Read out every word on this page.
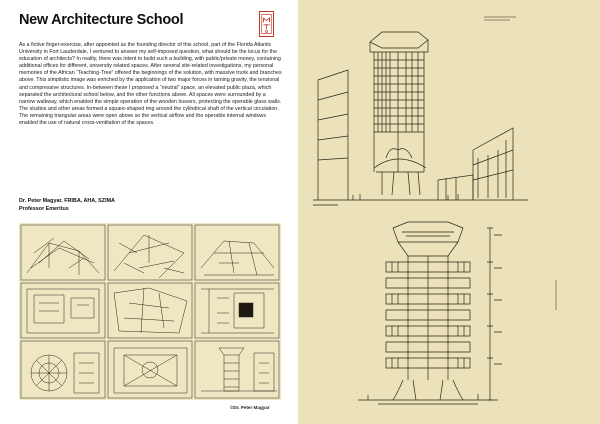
New Architecture School
As a fictive finger-exercise, after appointed as the founding director of this school, part of the Florida Atlantic University in Fort Lauderdale, I ventured to answer my self-imposed question, what should be the locus for the education of architects? In reality, there was intent to build such a building, with public/private money, containing additional offices for different, university related spaces. After several site-related investigations, my personal memories of the African “Teaching-Tree” offered the beginnings of the solution, with massive trunk and branches above. This simplistic image was enriched by the application of two major forces in taming gravity, the tensional and compressive structures. In-between these I proposed a “neutral” space, an elevated public plaza, which separated the architectural school below, and the other functions above. All spaces were surrounded by a narrow walkway, which enabled the simple operation of the wooden louvers, protecting the operable glass walls. The studios and other areas formed a square-shaped ring around the cylindrical shaft of the vertical circulation. The remaining triangular areas were open above so the vertical airflow and the operable internal windows enabled the use of natural cross-ventilation of the spaces.
Dr. Peter Magyar, FRIBA, AHA, SZIMA
Professor Emeritus
©Dr. Peter Magyar
